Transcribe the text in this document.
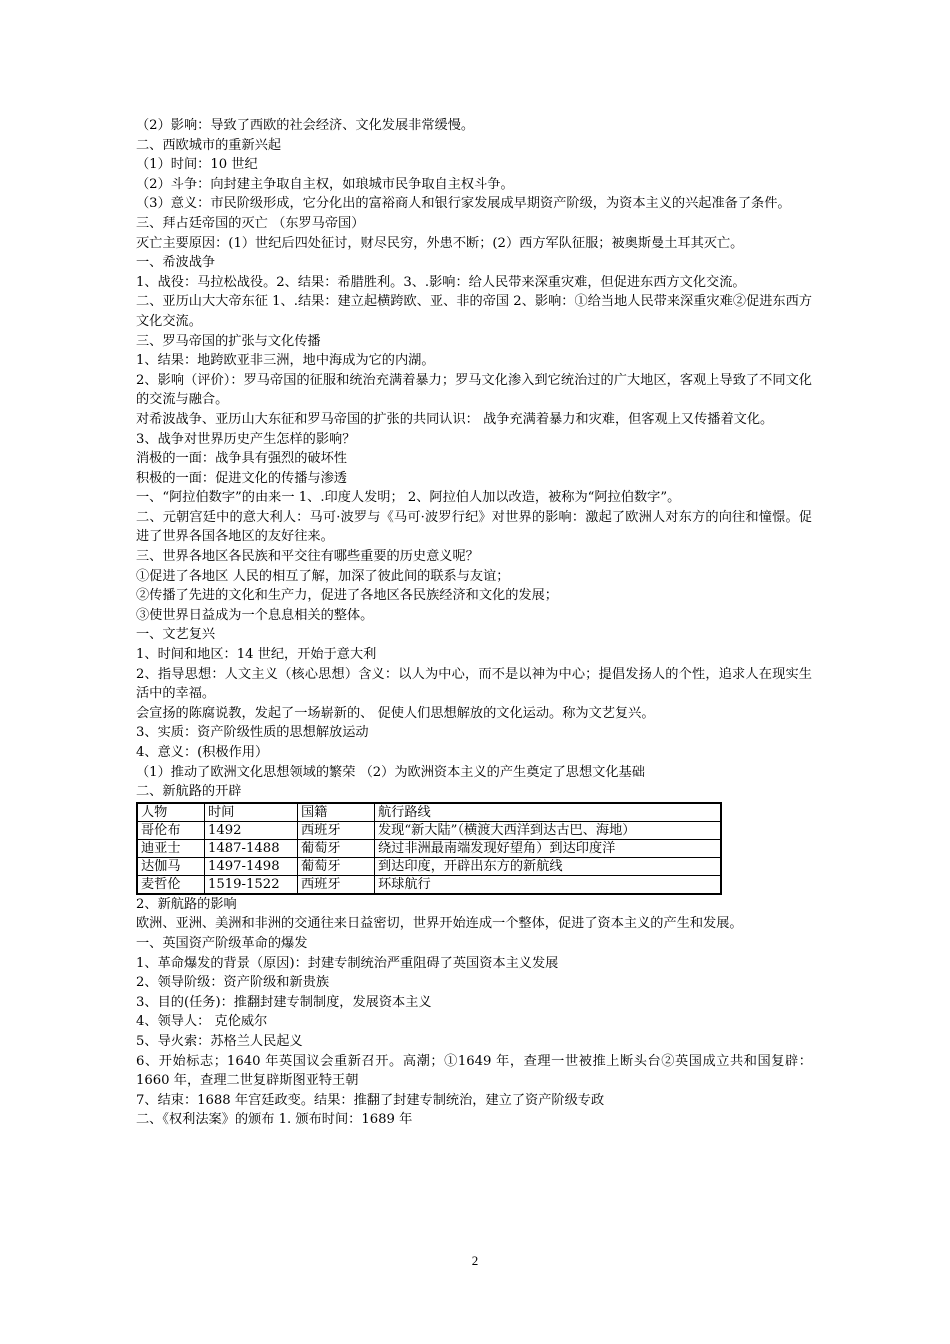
（2）影响：导致了西欧的社会经济、文化发展非常缓慢。
二、西欧城市的重新兴起
（1）时间：10 世纪
（2）斗争：向封建主争取自主权，如琅城市民争取自主权斗争。
（3）意义：市民阶级形成，它分化出的富裕商人和银行家发展成早期资产阶级，为资本主义的兴起准备了条件。
三、拜占廷帝国的灭亡 （东罗马帝国）
灭亡主要原因：(1）世纪后四处征讨，财尽民穷，外患不断；(2）西方军队征服；被奥斯曼土耳其灭亡。
一、希波战争
1、战役：马拉松战役。2、结果：希腊胜利。3、.影响：给人民带来深重灾难，但促进东西方文化交流。
二、亚历山大大帝东征 1、.结果：建立起横跨欧、亚、非的帝国 2、影响：①给当地人民带来深重灾难②促进东西方文化交流。
三、罗马帝国的扩张与文化传播
1、结果：地跨欧亚非三洲，地中海成为它的内湖。
2、影响（评价）：罗马帝国的征服和统治充满着暴力；罗马文化渗入到它统治过的广大地区，客观上导致了不同文化的交流与融合。
对希波战争、亚历山大东征和罗马帝国的扩张的共同认识： 战争充满着暴力和灾难，但客观上又传播着文化。
3、战争对世界历史产生怎样的影响？
消极的一面：战争具有强烈的破坏性
积极的一面：促进文化的传播与渗透
一、“阿拉伯数字”的由来一 1、.印度人发明； 2、阿拉伯人加以改造，被称为“阿拉伯数字”。
二、元朝宫廷中的意大利人：马可·波罗与《马可·波罗行纪》对世界的影响：激起了欧洲人对东方的向往和憧憬。促进了世界各国各地区的友好往来。
三、世界各地区各民族和平交往有哪些重要的历史意义呢？
①促进了各地区 人民的相互了解，加深了彼此间的联系与友谊；
②传播了先进的文化和生产力，促进了各地区各民族经济和文化的发展；
③使世界日益成为一个息息相关的整体。
一、文艺复兴
1、时间和地区：14 世纪，开始于意大利
2、指导思想：人文主义（核心思想）含义：以人为中心，而不是以神为中心；提倡发扬人的个性，追求人在现实生活中的幸福。
会宣扬的陈腐说教，发起了一场崭新的、 促使人们思想解放的文化运动。称为文艺复兴。
3、实质：资产阶级性质的思想解放运动
4、意义：(积极作用）
（1）推动了欧洲文化思想领域的繁荣 （2）为欧洲资本主义的产生奠定了思想文化基础
二、新航路的开辟
人物	时间	国籍	航行路线
哥伦布	1492	西班牙	发现“新大陆”（横渡大西洋到达古巴、海地）
迪亚士	1487-1488	葡萄牙	绕过非洲最南端发现好望角）到达印度洋
达伽马	1497-1498	葡萄牙	到达印度，开辟出东方的新航线
麦哲伦	1519-1522	西班牙	环球航行
2、新航路的影响
欧洲、亚洲、美洲和非洲的交通往来日益密切，世界开始连成一个整体，促进了资本主义的产生和发展。
一、英国资产阶级革命的爆发
1、革命爆发的背景（原因)：封建专制统治严重阻碍了英国资本主义发展
2、领导阶级：资产阶级和新贵族
3、目的(任务)：推翻封建专制制度，发展资本主义
4、领导人： 克伦威尔
5、导火索：苏格兰人民起义
6、开始标志；1640 年英国议会重新召开。高潮；①1649 年，查理一世被推上断头台②英国成立共和国复辟：1660 年，查理二世复辟斯图亚特王朝
7、结束：1688 年宫廷政变。结果：推翻了封建专制统治，建立了资产阶级专政
二、《权利法案》的颁布 1. 颁布时间：1689 年
2
